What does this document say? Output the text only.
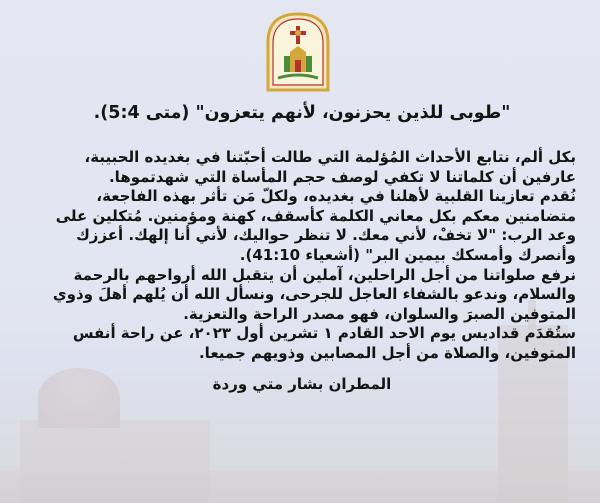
"طوبى للذين يحزنون، لأنهم يتعزون" (متى 5:4).

بكل ألم، نتابع الأحداث المُؤلمة التي طالت أحبّتنا في بغديده الحبيبة، عارفين أن كلماتنا لا تكفي لوصف حجم المأساة التي شهدتموها.

نُقدم تعازينا القلبية لأهلنا في بغديده، ولكلّ مَن تأثر بهذه الفاجعة، متضامنين معكم بكل معاني الكلمة كأسقف، كهنة ومؤمنين. مُتكلين على وعد الرب: "لا تخفْ، لأني معك. لا تنظر حواليك، لأني أنا إلهك. أعززك وأنصرك وأمسكك بيمين البر" (أشعياء 41:10).

نرفع صلواتنا من أجل الراحلين، آملين أن يتقبل الله أرواحهم بالرحمة والسلام، وندعو بالشفاء العاجل للجرحى، ونسأل الله أن يُلهم أهلَ وذوي المتوفين الصبرَ والسلوان، فهو مصدر الراحة والتعزية.

ستُقدَم قداديس يوم الاحد القادم ١ تشرين أول ٢٠٢٣، عن راحة أنفس المتوفين، والصلاة من أجل المصابين وذويهم جميعا.

المطران بشار متي وردة
